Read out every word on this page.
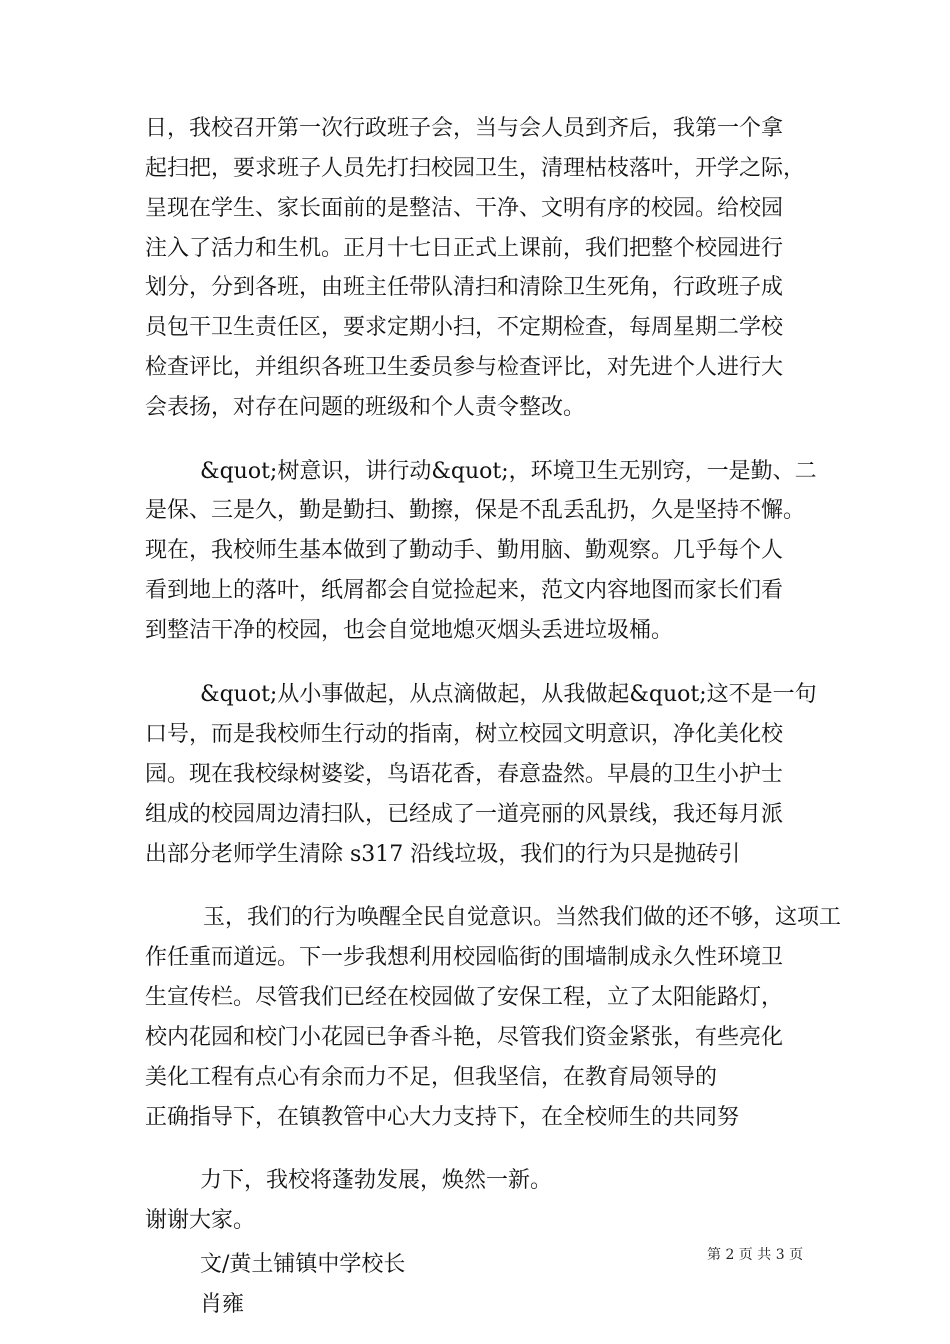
日，我校召开第一次行政班子会，当与会人员到齐后，我第一个拿
起扫把，要求班子人员先打扫校园卫生，清理枯枝落叶，开学之际，
呈现在学生、家长面前的是整洁、干净、文明有序的校园。给校园
注入了活力和生机。正月十七日正式上课前，我们把整个校园进行
划分，分到各班，由班主任带队清扫和清除卫生死角，行政班子成
员包干卫生责任区，要求定期小扫，不定期检查，每周星期二学校
检查评比，并组织各班卫生委员参与检查评比，对先进个人进行大
会表扬，对存在问题的班级和个人责令整改。
&quot;树意识，讲行动&quot;，环境卫生无别窍，一是勤、二
是保、三是久，勤是勤扫、勤擦，保是不乱丢乱扔，久是坚持不懈。
现在，我校师生基本做到了勤动手、勤用脑、勤观察。几乎每个人
看到地上的落叶，纸屑都会自觉捡起来，范文内容地图而家长们看
到整洁干净的校园，也会自觉地熄灭烟头丢进垃圾桶。
&quot;从小事做起，从点滴做起，从我做起&quot;这不是一句
口号，而是我校师生行动的指南，树立校园文明意识，净化美化校
园。现在我校绿树婆娑，鸟语花香，春意盎然。早晨的卫生小护士
组成的校园周边清扫队，已经成了一道亮丽的风景线，我还每月派
出部分老师学生清除 s317 沿线垃圾，我们的行为只是抛砖引
玉，我们的行为唤醒全民自觉意识。当然我们做的还不够，这项工
作任重而道远。下一步我想利用校园临街的围墙制成永久性环境卫
生宣传栏。尽管我们已经在校园做了安保工程，立了太阳能路灯，
校内花园和校门小花园已争香斗艳，尽管我们资金紧张，有些亮化
美化工程有点心有余而力不足，但我坚信，在教育局领导的
正确指导下，在镇教管中心大力支持下，在全校师生的共同努
力下，我校将蓬勃发展，焕然一新。
谢谢大家。
文/黄土铺镇中学校长
肖雍
第 2 页 共 3 页
